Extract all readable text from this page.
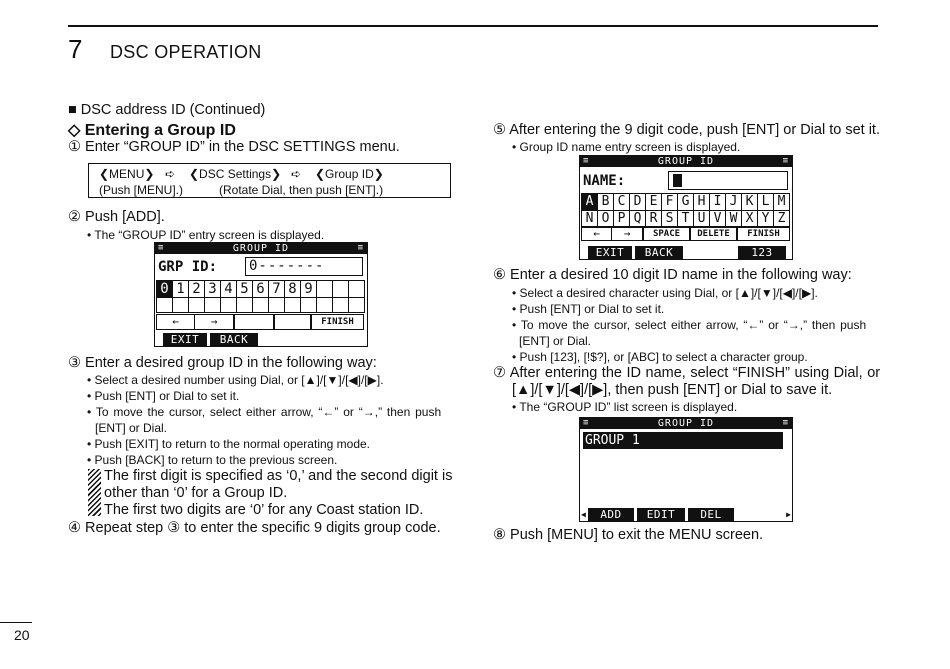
7 DSC OPERATION
■ DSC address ID (Continued)
◇ Entering a Group ID
① Enter “GROUP ID” in the DSC SETTINGS menu.
❮MENU❯ ➪ ❮DSC Settings❯ ➪ ❮Group ID❯
(Push [MENU].)	(Rotate Dial, then push [ENT].)
② Push [ADD].
• The “GROUP ID” entry screen is displayed.
≡	GROUP ID	≡
GRP ID: 0-------
0 1 2 3 4 5 6 7 8 9
←	→	FINISH
EXIT	BACK
③ Enter a desired group ID in the following way:
• Select a desired number using Dial, or [▲]/[▼]/[◀]/[▶].
• Push [ENT] or Dial to set it.
• To move the cursor, select either arrow, “←” or “→,” then push
[ENT] or Dial.
• Push [EXIT] to return to the normal operating mode.
• Push [BACK] to return to the previous screen.
The first digit is specified as ‘0,’ and the second digit is
other than ‘0’ for a Group ID.
The first two digits are ‘0’ for any Coast station ID.
④ Repeat step ③ to enter the specific 9 digits group code.
⑤ After entering the 9 digit code, push [ENT] or Dial to set it.
• Group ID name entry screen is displayed.
≡	GROUP ID	≡
NAME:
A B C D E F G H I J K L M
N O P Q R S T U V W X Y Z
←	→	SPACE	DELETE	FINISH
EXIT	BACK	123
⑥ Enter a desired 10 digit ID name in the following way:
• Select a desired character using Dial, or [▲]/[▼]/[◀]/[▶].
• Push [ENT] or Dial to set it.
• To move the cursor, select either arrow, “←” or “→,” then push
[ENT] or Dial.
• Push [123], [!$?], or [ABC] to select a character group.
⑦ After entering the ID name, select “FINISH” using Dial, or
[▲]/[▼]/[◀]/[▶], then push [ENT] or Dial to save it.
• The “GROUP ID” list screen is displayed.
≡	GROUP ID	≡
GROUP 1
◀	▶
ADD	EDIT	DEL
⑧ Push [MENU] to exit the MENU screen.
20
